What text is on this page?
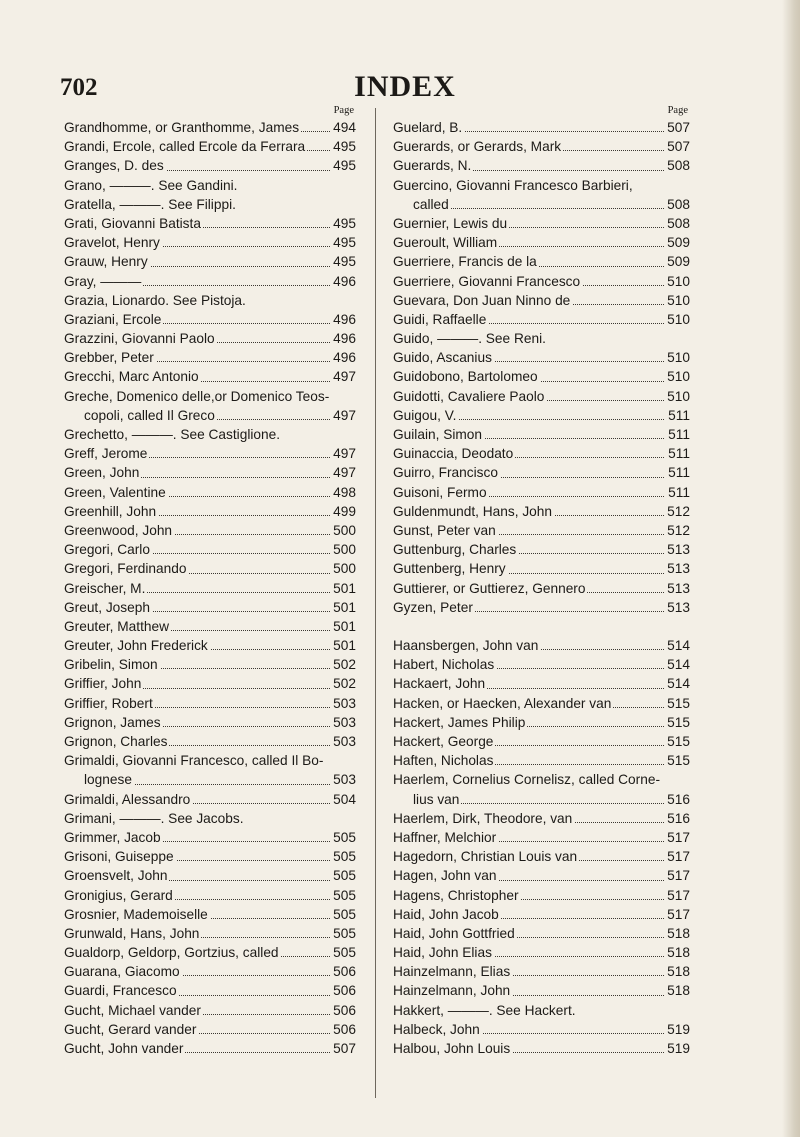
702	INDEX
Page
Grandhomme, or Granthomme, James 494
Grandi, Ercole, called Ercole da Ferrara 495
Granges, D. des	495
Grano, ———. See Gandini.
Gratella, ———. See Filippi.
Grati, Giovanni Batista	495
Gravelot, Henry	495
Grauw, Henry	495
Gray, ———	496
Grazia, Lionardo. See Pistoja.
Graziani, Ercole	496
Grazzini, Giovanni Paolo	496
Grebber, Peter	496
Grecchi, Marc Antonio	497
Greche, Domenico delle,or Domenico Teos-
copoli, called Il Greco	497
Grechetto, ———. See Castiglione.
Greff, Jerome	497
Green, John	497
Green, Valentine	498
Greenhill, John	499
Greenwood, John	500
Gregori, Carlo	500
Gregori, Ferdinando	500
Greischer, M.	501
Greut, Joseph	501
Greuter, Matthew	501
Greuter, John Frederick	501
Gribelin, Simon	502
Griffier, John	502
Griffier, Robert	503
Grignon, James	503
Grignon, Charles	503
Grimaldi, Giovanni Francesco, called Il Bo-
lognese	503
Grimaldi, Alessandro	504
Grimani, ———. See Jacobs.
Grimmer, Jacob	505
Grisoni, Guiseppe	505
Groensvelt, John	505
Gronigius, Gerard	505
Grosnier, Mademoiselle	505
Grunwald, Hans, John	505
Gualdorp, Geldorp, Gortzius, called	505
Guarana, Giacomo	506
Guardi, Francesco	506
Gucht, Michael vander	506
Gucht, Gerard vander	506
Gucht, John vander	507
Page
Guelard, B.	507
Guerards, or Gerards, Mark	507
Guerards, N.	508
Guercino, Giovanni Francesco Barbieri,
called	508
Guernier, Lewis du	508
Gueroult, William	509
Guerriere, Francis de la	509
Guerriere, Giovanni Francesco	510
Guevara, Don Juan Ninno de	510
Guidi, Raffaelle	510
Guido, ———. See Reni.
Guido, Ascanius	510
Guidobono, Bartolomeo	510
Guidotti, Cavaliere Paolo	510
Guigou, V.	511
Guilain, Simon	511
Guinaccia, Deodato	511
Guirro, Francisco	511
Guisoni, Fermo	511
Guldenmundt, Hans, John	512
Gunst, Peter van	512
Guttenburg, Charles	513
Guttenberg, Henry	513
Guttierer, or Guttierez, Gennero	513
Gyzen, Peter	513
Haansbergen, John van	514
Habert, Nicholas	514
Hackaert, John	514
Hacken, or Haecken, Alexander van	515
Hackert, James Philip	515
Hackert, George	515
Haften, Nicholas	515
Haerlem, Cornelius Cornelisz, called Corne-
lius van	516
Haerlem, Dirk, Theodore, van	516
Haffner, Melchior	517
Hagedorn, Christian Louis van	517
Hagen, John van	517
Hagens, Christopher	517
Haid, John Jacob	517
Haid, John Gottfried	518
Haid, John Elias	518
Hainzelmann, Elias	518
Hainzelmann, John	518
Hakkert, ———. See Hackert.
Halbeck, John	519
Halbou, John Louis	519
